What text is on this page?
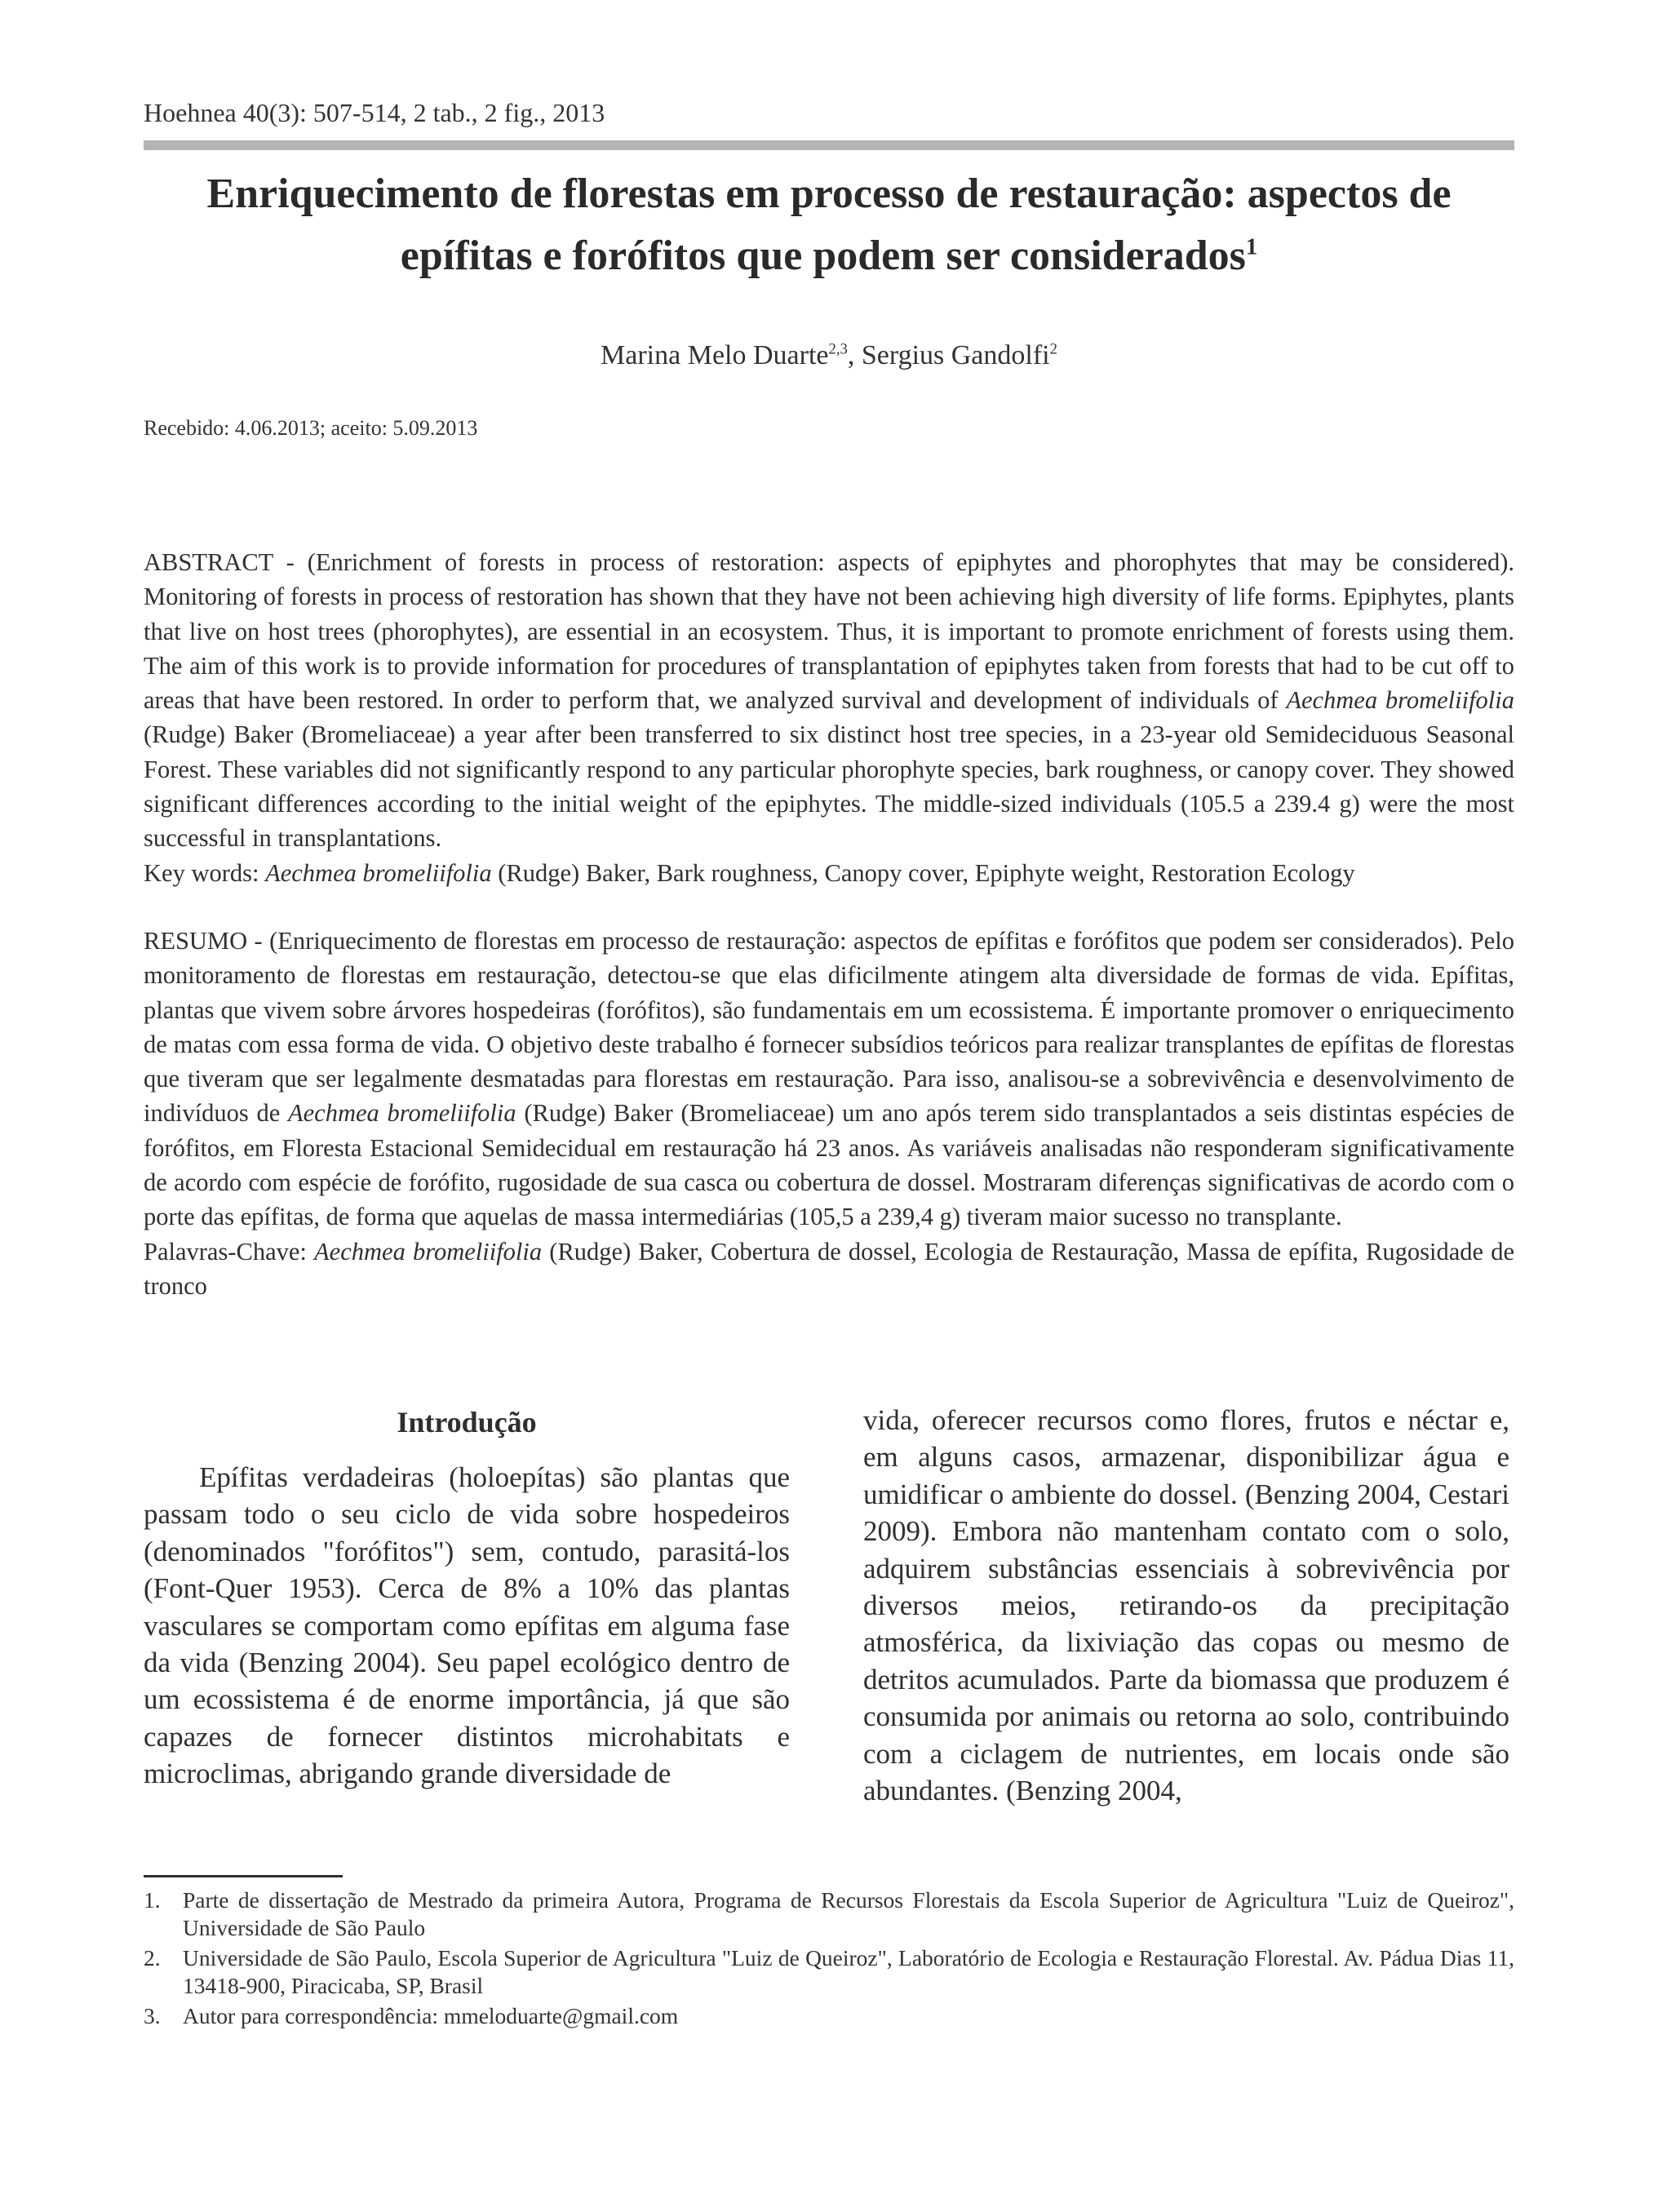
Hoehnea 40(3): 507-514, 2 tab., 2 fig., 2013
Enriquecimento de florestas em processo de restauração: aspectos de epífitas e forófitos que podem ser considerados$^1$
Marina Melo Duarte$^{2,3}$, Sergius Gandolfi$^2$
Recebido: 4.06.2013; aceito: 5.09.2013

ABSTRACT - (Enrichment of forests in process of restoration: aspects of epiphytes and phorophytes that may be considered). Monitoring of forests in process of restoration has shown that they have not been achieving high diversity of life forms. Epiphytes, plants that live on host trees (phorophytes), are essential in an ecosystem. Thus, it is important to promote enrichment of forests using them. The aim of this work is to provide information for procedures of transplantation of epiphytes taken from forests that had to be cut off to areas that have been restored. In order to perform that, we analyzed survival and development of individuals of Aechmea bromeliifolia (Rudge) Baker (Bromeliaceae) a year after been transferred to six distinct host tree species, in a 23-year old Semideciduous Seasonal Forest. These variables did not significantly respond to any particular phorophyte species, bark roughness, or canopy cover. They showed significant differences according to the initial weight of the epiphytes. The middle-sized individuals (105.5 a 239.4 g) were the most successful in transplantations.

Key words: Aechmea bromeliifolia (Rudge) Baker, Bark roughness, Canopy cover, Epiphyte weight, Restoration Ecology

RESUMO - (Enriquecimento de florestas em processo de restauração: aspectos de epífitas e forófitos que podem ser considerados). Pelo monitoramento de florestas em restauração, detectou-se que elas dificilmente atingem alta diversidade de formas de vida. Epífitas, plantas que vivem sobre árvores hospedeiras (forófitos), são fundamentais em um ecossistema. É importante promover o enriquecimento de matas com essa forma de vida. O objetivo deste trabalho é fornecer subsídios teóricos para realizar transplantes de epífitas de florestas que tiveram que ser legalmente desmatadas para florestas em restauração. Para isso, analisou-se a sobrevivência e desenvolvimento de indivíduos de Aechmea bromeliifolia (Rudge) Baker (Bromeliaceae) um ano após terem sido transplantados a seis distintas espécies de forófitos, em Floresta Estacional Semidecidual em restauração há 23 anos. As variáveis analisadas não responderam significativamente de acordo com espécie de forófito, rugosidade de sua casca ou cobertura de dossel. Mostraram diferenças significativas de acordo com o porte das epífitas, de forma que aquelas de massa intermediárias (105,5 a 239,4 g) tiveram maior sucesso no transplante.

Palavras-Chave: Aechmea bromeliifolia (Rudge) Baker, Cobertura de dossel, Ecologia de Restauração, Massa de epífita, Rugosidade de tronco

Introdução

Epífitas verdadeiras (holoepítas) são plantas que passam todo o seu ciclo de vida sobre hospedeiros (denominados "forófitos") sem, contudo, parasitá-los (Font-Quer 1953). Cerca de 8% a 10% das plantas vasculares se comportam como epífitas em alguma fase da vida (Benzing 2004). Seu papel ecológico dentro de um ecossistema é de enorme importância, já que são capazes de fornecer distintos microhabitats e microclimas, abrigando grande diversidade de

vida, oferecer recursos como flores, frutos e néctar e, em alguns casos, armazenar, disponibilizar água e umidificar o ambiente do dossel. (Benzing 2004, Cestari 2009). Embora não mantenham contato com o solo, adquirem substâncias essenciais à sobrevivência por diversos meios, retirando-os da precipitação atmosférica, da lixiviação das copas ou mesmo de detritos acumulados. Parte da biomassa que produzem é consumida por animais ou retorna ao solo, contribuindo com a ciclagem de nutrientes, em locais onde são abundantes. (Benzing 2004,

1. Parte de dissertação de Mestrado da primeira Autora, Programa de Recursos Florestais da Escola Superior de Agricultura "Luiz de Queiroz", Universidade de São Paulo
2. Universidade de São Paulo, Escola Superior de Agricultura "Luiz de Queiroz", Laboratório de Ecologia e Restauração Florestal. Av. Pádua Dias 11, 13418-900, Piracicaba, SP, Brasil
3. Autor para correspondência: mmeloduarte@gmail.com
